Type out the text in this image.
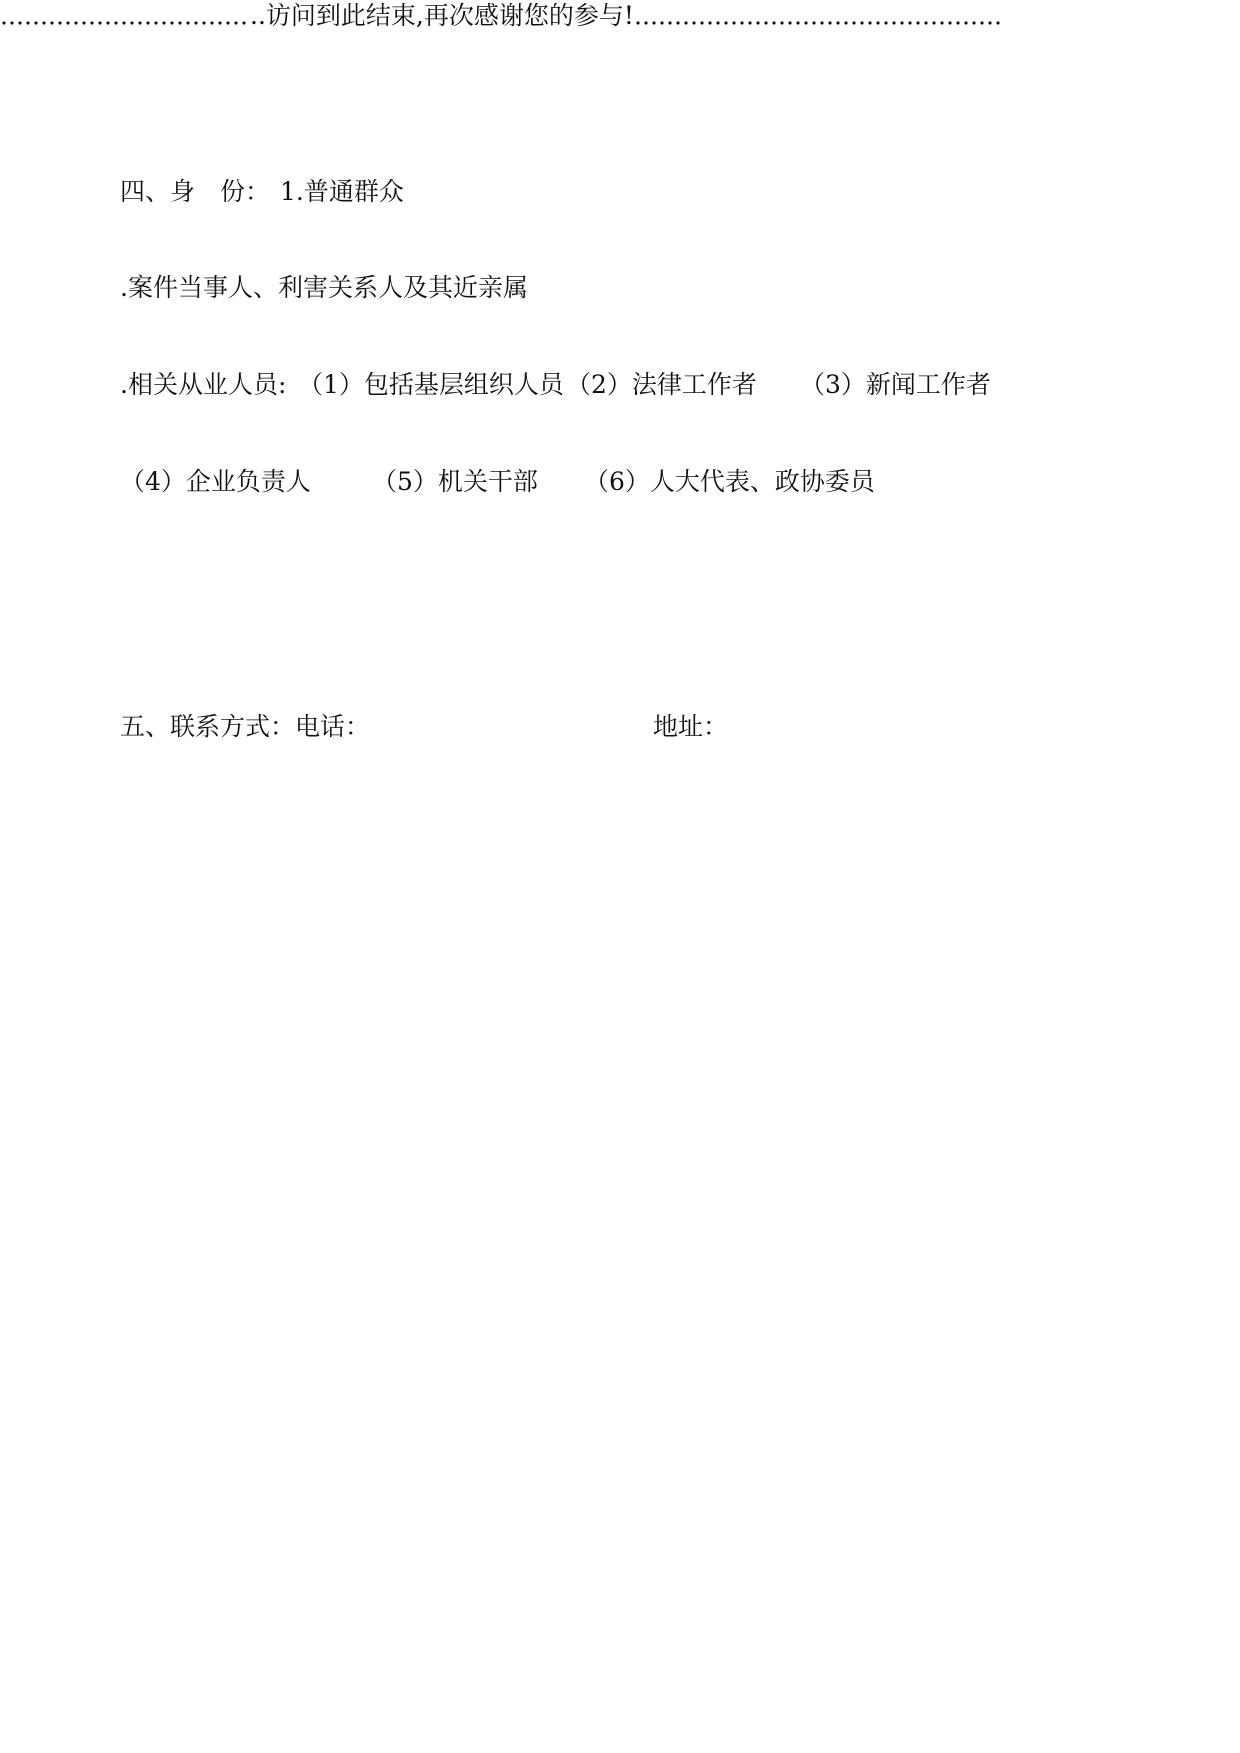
四、身　份：

1.普通群众

.案件当事人、利害关系人及其近亲属

.相关从业人员:

（1）包括基层组织人员

（2）法律工作者

（3）新闻工作者

（4）企业负责人

（5）机关干部

（6）人大代表、政协委员

.. 访问到此结束,再次感谢您的参与!

五、联系方式：

电话：

	地址：
